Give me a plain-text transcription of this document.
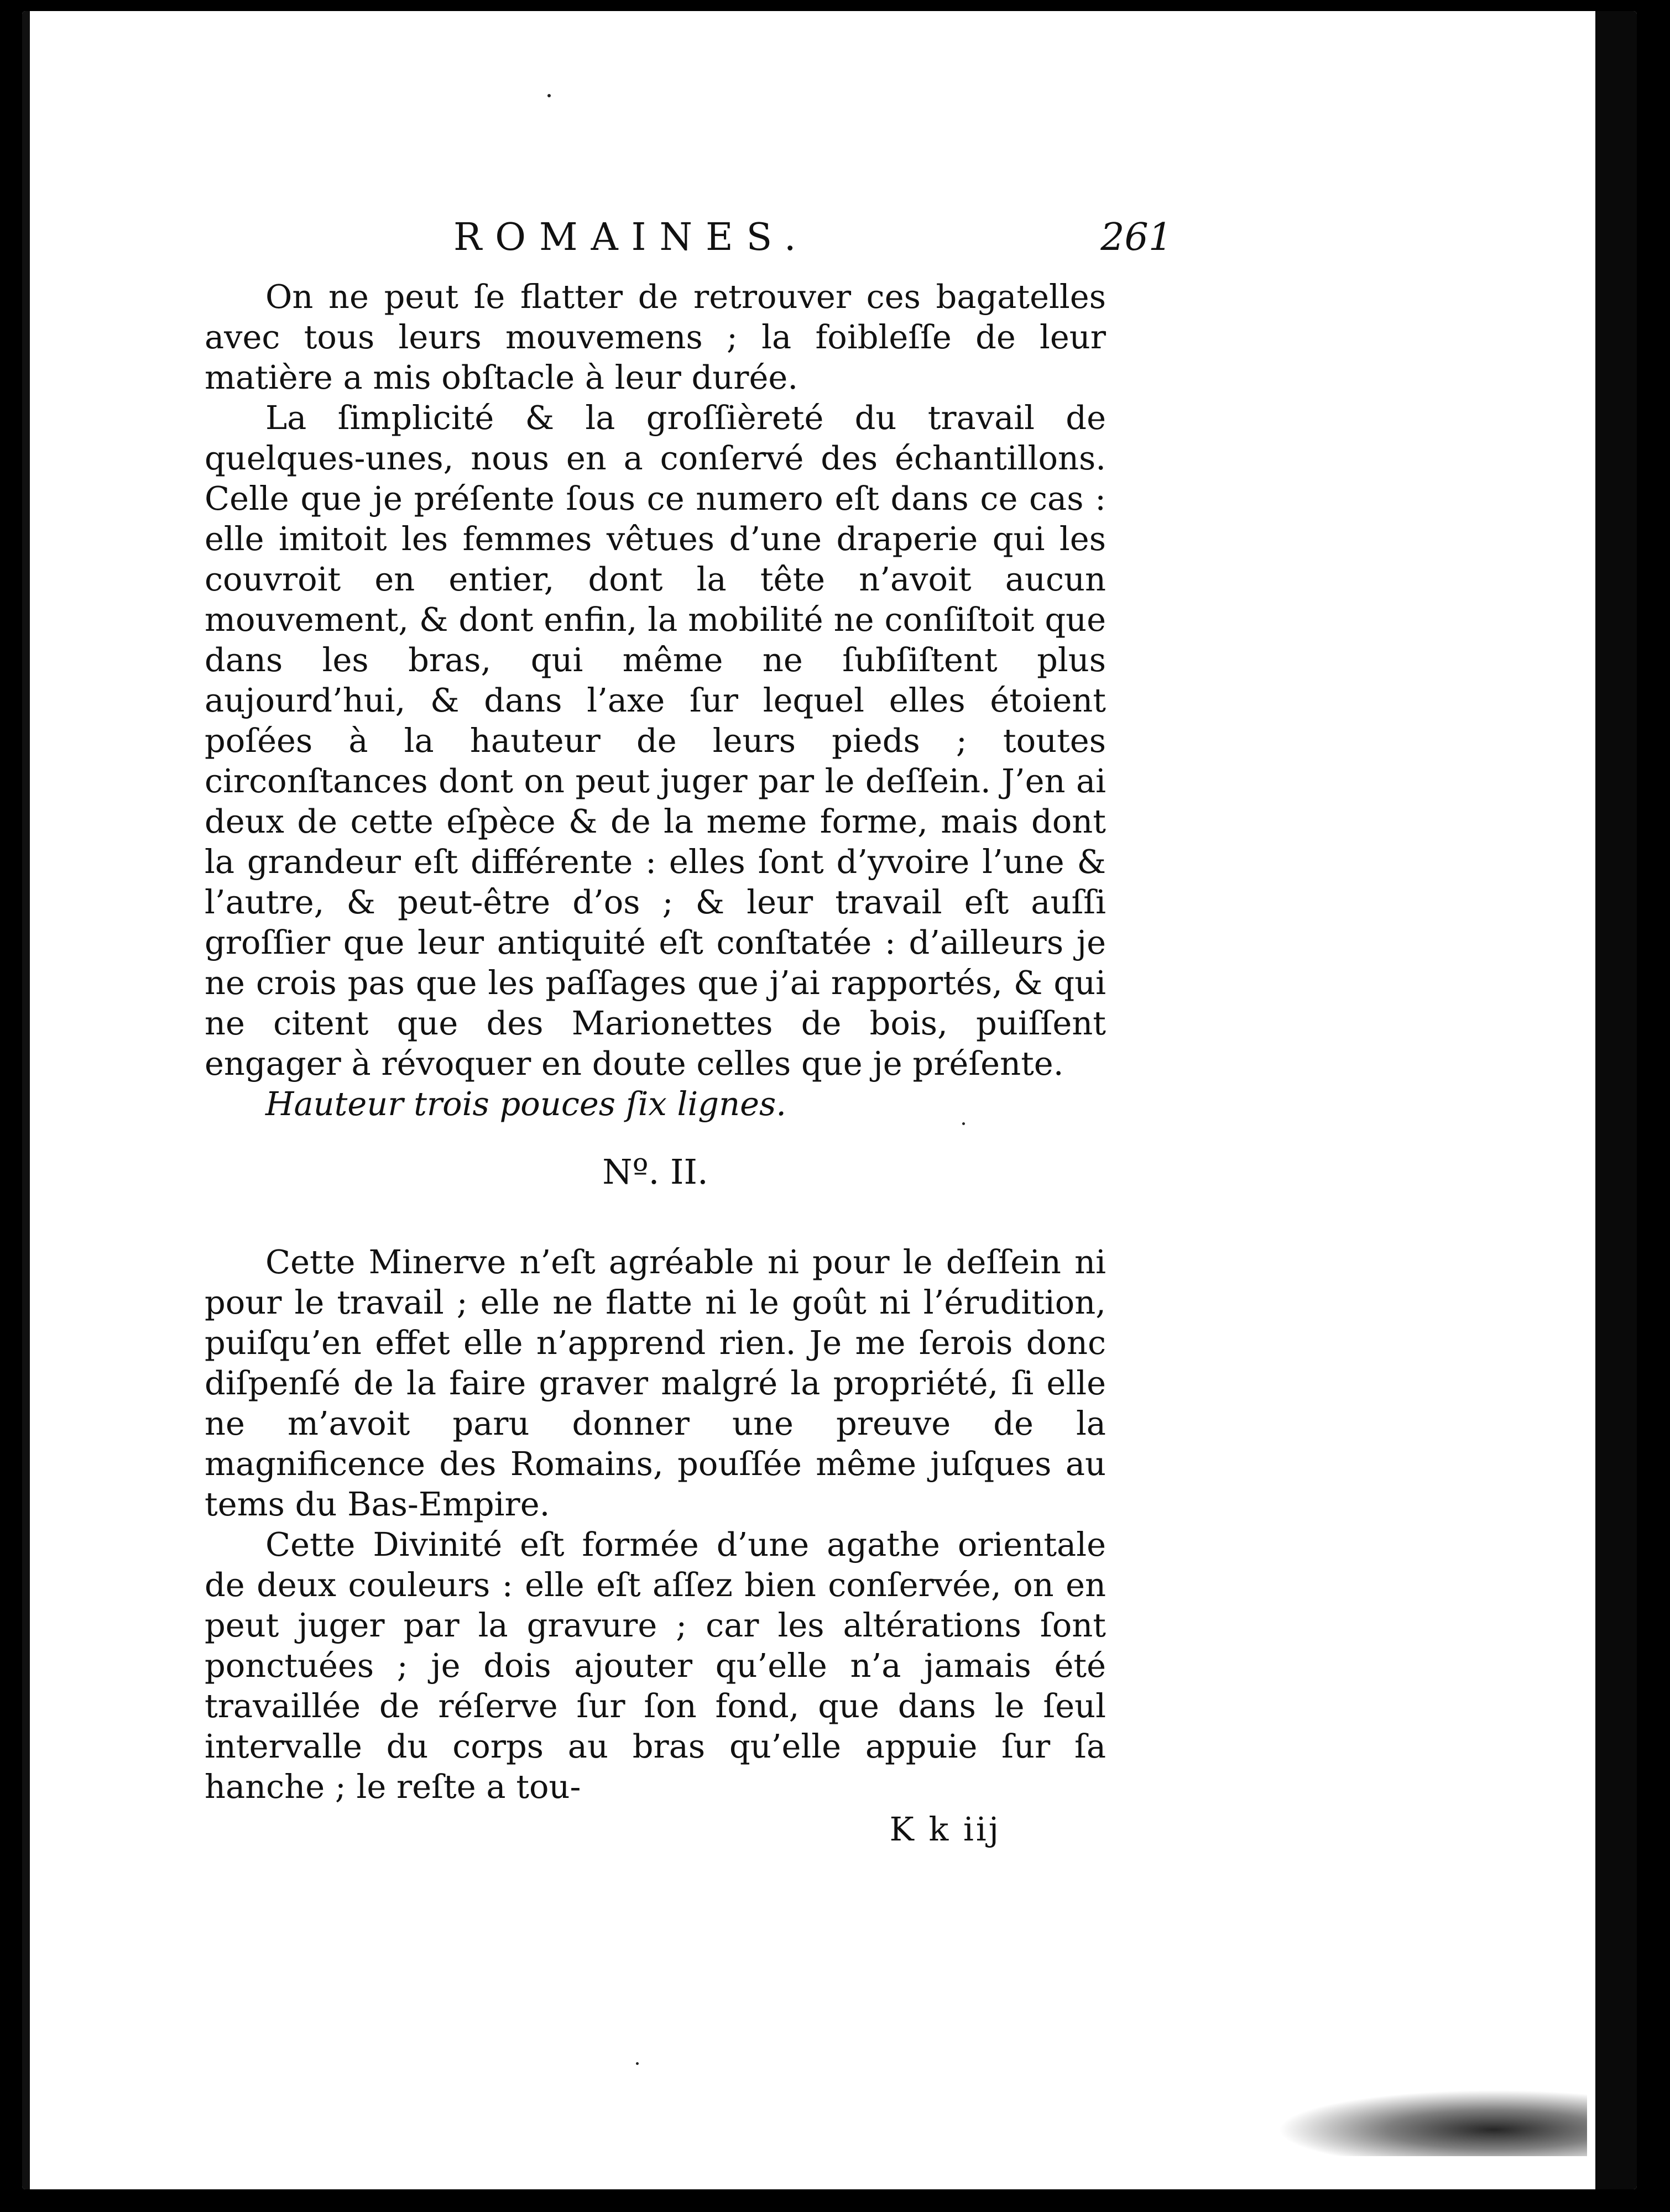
ROMAINES.	261

On ne peut ſe flatter de retrouver ces bagatelles avec tous leurs mouvemens ; la foibleſſe de leur matière a mis obſtacle à leur durée.

La ſimplicité & la groſſièreté du travail de quelques-unes, nous en a conſervé des échantillons. Celle que je préſente ſous ce numero eſt dans ce cas : elle imitoit les femmes vêtues d’une draperie qui les couvroit en entier, dont la tête n’avoit aucun mouvement, & dont enfin, la mobilité ne conſiſtoit que dans les bras, qui même ne ſubſiſtent plus aujourd’hui, & dans l’axe ſur lequel elles étoient poſées à la hauteur de leurs pieds ; toutes circonſtances dont on peut juger par le deſſein. J’en ai deux de cette eſpèce & de la meme forme, mais dont la grandeur eſt différente : elles ſont d’yvoire l’une & l’autre, & peut-être d’os ; & leur travail eſt auſſi groſſier que leur antiquité eſt conſtatée : d’ailleurs je ne crois pas que les paſſages que j’ai rapportés, & qui ne citent que des Marionettes de bois, puiſſent engager à révoquer en doute celles que je préſente.

Hauteur trois pouces ſix lignes.

Nº. II.

Cette Minerve n’eſt agréable ni pour le deſſein ni pour le travail ; elle ne flatte ni le goût ni l’érudition, puiſqu’en effet elle n’apprend rien. Je me ſerois donc diſpenſé de la faire graver malgré la propriété, ſi elle ne m’avoit paru donner une preuve de la magnificence des Romains, pouſſée même juſques au tems du Bas-Empire.

Cette Divinité eſt formée d’une agathe orientale de deux couleurs : elle eſt aſſez bien conſervée, on en peut juger par la gravure ; car les altérations ſont ponctuées ; je dois ajouter qu’elle n’a jamais été travaillée de réſerve ſur ſon fond, que dans le ſeul intervalle du corps au bras qu’elle appuie ſur ſa hanche ; le reſte a tou-

K k iij
